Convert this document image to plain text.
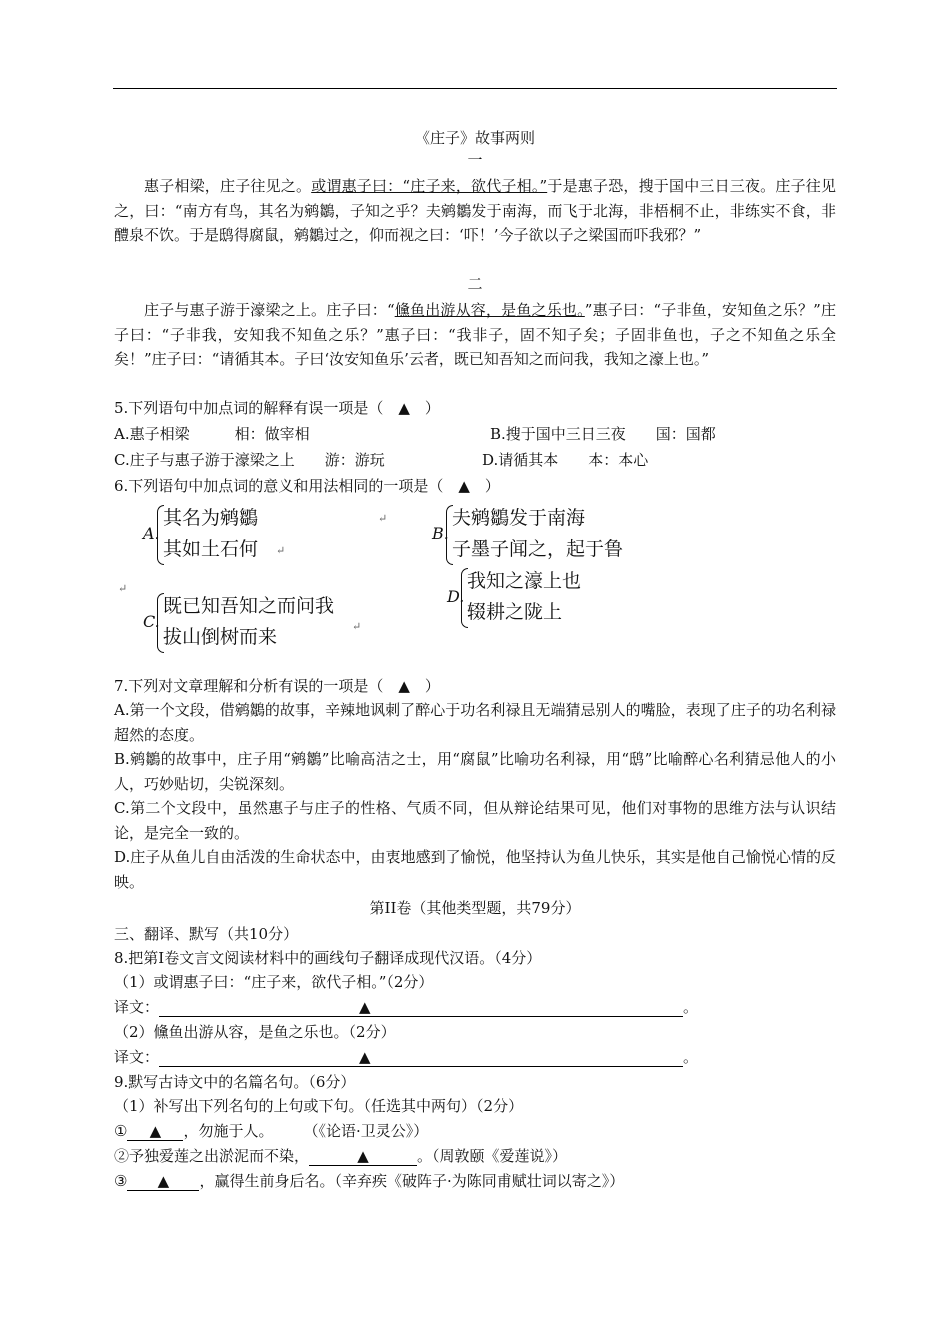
《庄子》故事两则
一
惠子相梁，庄子往见之。或谓惠子曰：“庄子来，欲代子相。”于是惠子恐，搜于国中三日三夜。庄子往见之，曰：“南方有鸟，其名为鹓鶵，子知之乎？夫鹓鶵发于南海，而飞于北海，非梧桐不止，非练实不食，非醴泉不饮。于是鸱得腐鼠，鹓鶵过之，仰而视之曰：‘吓！’今子欲以子之梁国而吓我邪？”
二
庄子与惠子游于濠梁之上。庄子曰：“儵鱼出游从容，是鱼之乐也。”惠子曰：“子非鱼，安知鱼之乐？”庄子曰：“子非我，安知我不知鱼之乐？”惠子曰：“我非子，固不知子矣；子固非鱼也，子之不知鱼之乐全矣！”庄子曰：“请循其本。子曰‘汝安知鱼乐’云者，既已知吾知之而问我，我知之濠上也。”
5.下列语句中加点词的解释有误一项是（　▲　）
A.惠子相梁　　　相：做宰相	B.搜于国中三日三夜　　国：国都
C.庄子与惠子游于濠梁之上　　游：游玩	D.请循其本　　本：本心
6.下列语句中加点词的意义和用法相同的一项是（　▲　）
A.
其名为鹓鶵
其如土石何
B.
夫鹓鶵发于南海
子墨子闻之，起于鲁
C.
既已知吾知之而问我
拔山倒树而来
D.
我知之濠上也
辍耕之陇上
↵
↵
↵
↵
7.下列对文章理解和分析有误的一项是（　▲　）
A.第一个文段，借鹓鶵的故事，辛辣地讽刺了醉心于功名利禄且无端猜忌别人的嘴脸，表现了庄子的功名利禄超然的态度。
B.鹓鶵的故事中，庄子用“鹓鶵”比喻高洁之士，用“腐鼠”比喻功名利禄，用“鸱”比喻醉心名利猜忌他人的小人，巧妙贴切，尖锐深刻。
C.第二个文段中，虽然惠子与庄子的性格、气质不同，但从辩论结果可见，他们对事物的思维方法与认识结论，是完全一致的。
D.庄子从鱼儿自由活泼的生命状态中，由衷地感到了愉悦，他坚持认为鱼儿快乐，其实是他自己愉悦心情的反映。
第II卷（其他类型题，共79分）
三、翻译、默写（共10分）
8.把第I卷文言文阅读材料中的画线句子翻译成现代汉语。（4分）
（1）或谓惠子曰：“庄子来，欲代子相。”（2分）
译文：	▲	。
（2）儵鱼出游从容，是鱼之乐也。（2分）
译文：	▲	。
9.默写古诗文中的名篇名句。（6分）
（1）补写出下列名句的上句或下句。（任选其中两句）（2分）
① ▲ ，勿施于人。　　　（《论语·卫灵公》）
②予独爱莲之出淤泥而不染，	▲	。（周敦颐《爱莲说》）
③ ▲ ，赢得生前身后名。（辛弃疾《破阵子·为陈同甫赋壮词以寄之》）
